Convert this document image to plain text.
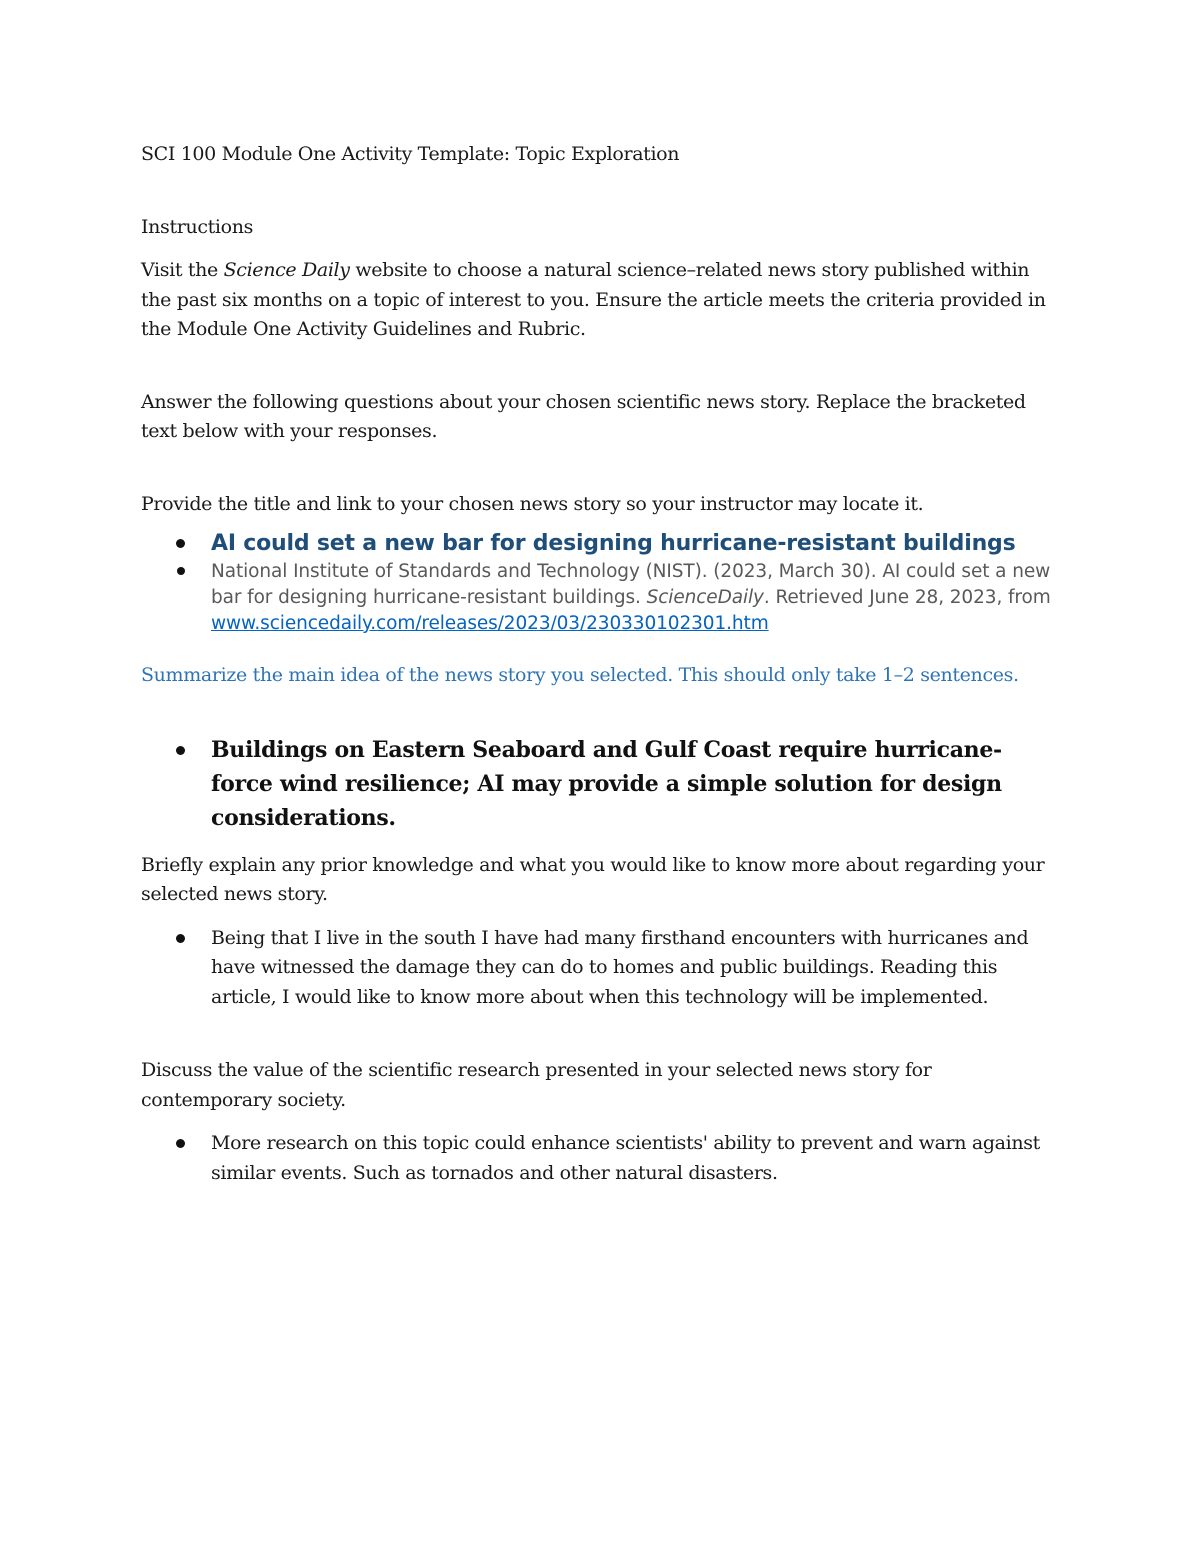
SCI 100 Module One Activity Template: Topic Exploration

Instructions

Visit the Science Daily website to choose a natural science–related news story published within the past six months on a topic of interest to you. Ensure the article meets the criteria provided in the Module One Activity Guidelines and Rubric.

Answer the following questions about your chosen scientific news story. Replace the bracketed text below with your responses.

Provide the title and link to your chosen news story so your instructor may locate it.

AI could set a new bar for designing hurricane-resistant buildings
National Institute of Standards and Technology (NIST). (2023, March 30). AI could set a new bar for designing hurricane-resistant buildings. ScienceDaily. Retrieved June 28, 2023, from www.sciencedaily.com/releases/2023/03/230330102301.htm

Summarize the main idea of the news story you selected. This should only take 1–2 sentences.

Buildings on Eastern Seaboard and Gulf Coast require hurricane-force wind resilience; AI may provide a simple solution for design considerations.

Briefly explain any prior knowledge and what you would like to know more about regarding your selected news story.

Being that I live in the south I have had many firsthand encounters with hurricanes and have witnessed the damage they can do to homes and public buildings. Reading this article, I would like to know more about when this technology will be implemented.

Discuss the value of the scientific research presented in your selected news story for contemporary society.

More research on this topic could enhance scientists' ability to prevent and warn against similar events. Such as tornados and other natural disasters.
